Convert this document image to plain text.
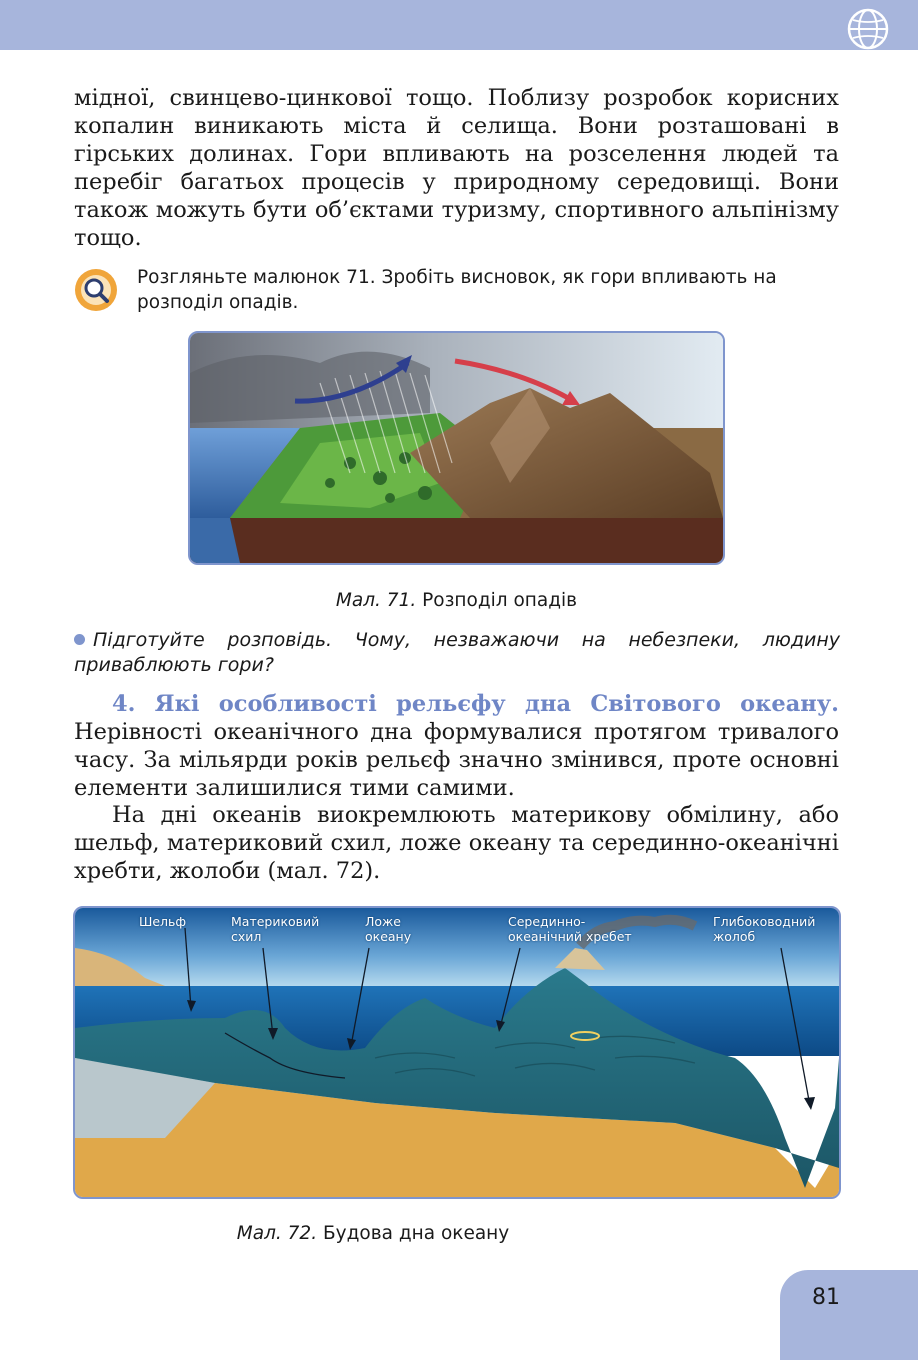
мідної, свинцево-цинкової тощо. Поблизу розробок корисних копалин виникають міста й селища. Вони розташовані в гірських долинах. Гори впливають на розселення людей та перебіг багатьох процесів у природному середовищі. Вони також можуть бути об’єктами туризму, спортивного альпінізму тощо.

Розгляньте малюнок 71. Зробіть висновок, як гори впливають на розподіл опадів.

Мал. 71. Розподіл опадів

Підготуйте розповідь. Чому, незважаючи на небезпеки, людину приваблюють гори?

4. Які особливості рельєфу дна Світового океану. Нерівності океанічного дна формувалися протягом тривалого часу. За мільярди років рельєф значно змінився, проте основні елементи залишилися тими самими.

На дні океанів виокремлюють материкову обмілину, або шельф, материковий схил, ложе океану та серединно-океанічні хребти, жолоби (мал. 72).

Шельф	Материковий
схил
Ложе
океану
Серединно-
океанічний хребет
Глибоководний
жолоб

Мал. 72. Будова дна океану

81
